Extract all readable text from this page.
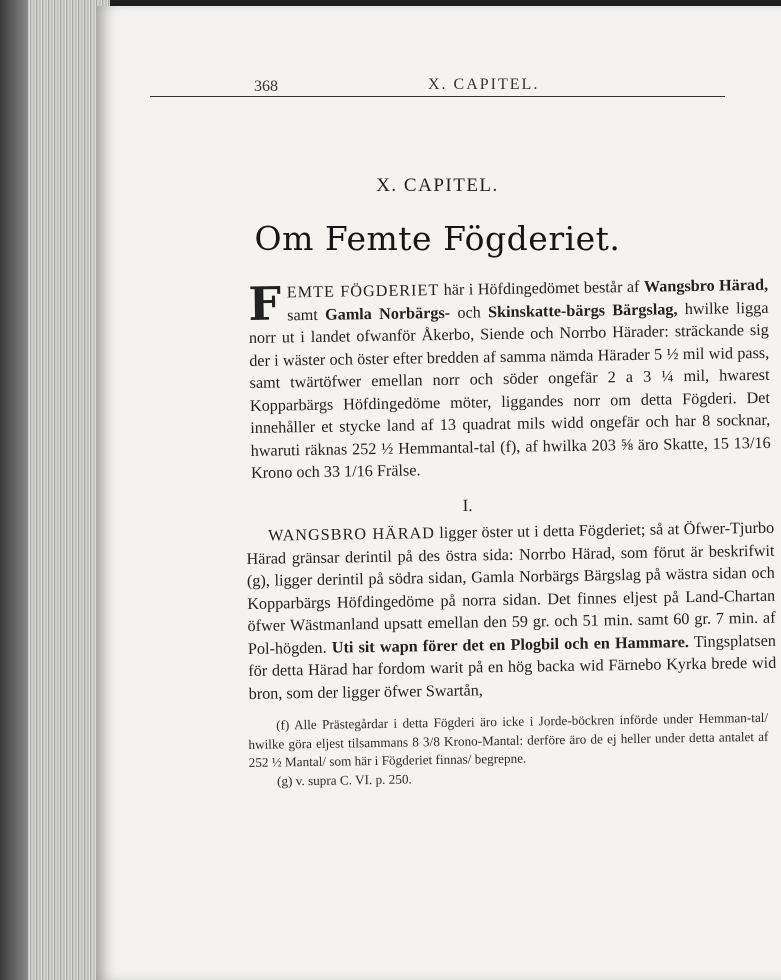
368	X. CAPITEL.
X. CAPITEL.
Om Femte Fögderiet.
FEMTE FÖGDERIET här i Höfdingedömet består af Wangsbro Härad, samt Gamla Norbärgs- och Skinskatte-bärgs Bärgslag, hwilke ligga norr ut i landet ofwanför Åkerbo, Siende och Norrbo Härader: sträckande sig der i wäster och öster efter bredden af samma nämda Härader 5 ½ mil wid pass, samt twärtöfwer emellan norr och söder ongefär 2 a 3 ¼ mil, hwarest Kopparbärgs Höfdingedöme möter, liggandes norr om detta Fögderi. Det innehåller et stycke land af 13 quadrat mils widd ongefär och har 8 socknar, hwaruti räknas 252 ½ Hemmantal-tal (f), af hwilka 203 ⅝ äro Skatte, 15 13/16 Krono och 33 1/16 Frälse.
I.
WANGSBRO HÄRAD ligger öster ut i detta Fögderiet; så at Öfwer-Tjurbo Härad gränsar derintil på des östra sida: Norrbo Härad, som förut är beskrifwit (g), ligger derintil på södra sidan, Gamla Norbärgs Bärgslag på wästra sidan och Kopparbärgs Höfdingedöme på norra sidan. Det finnes eljest på Land-Chartan öfwer Wästmanland upsatt emellan den 59 gr. och 51 min. samt 60 gr. 7 min. af Pol-högden. Uti sit wapn förer det en Plogbil och en Hammare. Tingsplatsen för detta Härad har fordom warit på en hög backa wid Färnebo Kyrka brede wid bron, som der ligger öfwer Swartån,

(f) Alle Prästegårdar i detta Fögderi äro icke i Jorde-böckren införde under Hemman-tal/ hwilke göra eljest tilsammans 8 3/8 Krono-Mantal: derföre äro de ej heller under detta antalet af 252 ½ Mantal/ som här i Fögderiet finnas/ begrepne.

(g) v. supra C. VI. p. 250.
